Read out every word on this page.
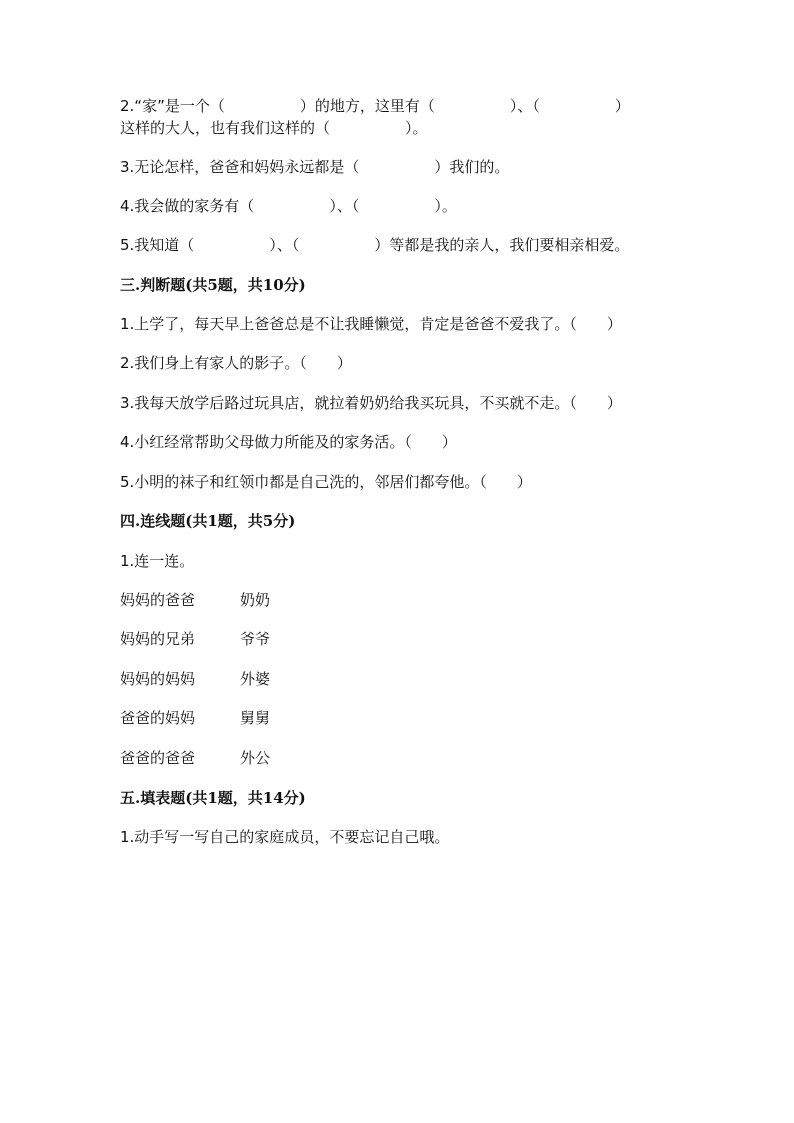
2.“家”是一个（　　　　　）的地方，这里有（　　　　　）、（　　　　　）
这样的大人，也有我们这样的（　　　　　）。
3.无论怎样，爸爸和妈妈永远都是（　　　　　）我们的。
4.我会做的家务有（　　　　　）、（　　　　　）。
5.我知道（　　　　　）、（　　　　　）等都是我的亲人，我们要相亲相爱。
三.判断题(共5题，共10分)
1.上学了，每天早上爸爸总是不让我睡懒觉，肯定是爸爸不爱我了。（　　）
2.我们身上有家人的影子。（　　）
3.我每天放学后路过玩具店，就拉着奶奶给我买玩具，不买就不走。（　　）
4.小红经常帮助父母做力所能及的家务活。（　　）
5.小明的袜子和红领巾都是自己洗的，邻居们都夸他。（　　）
四.连线题(共1题，共5分)
1.连一连。
妈妈的爸爸	奶奶
妈妈的兄弟	爷爷
妈妈的妈妈	外婆
爸爸的妈妈	舅舅
爸爸的爸爸	外公
五.填表题(共1题，共14分)
1.动手写一写自己的家庭成员，不要忘记自己哦。
